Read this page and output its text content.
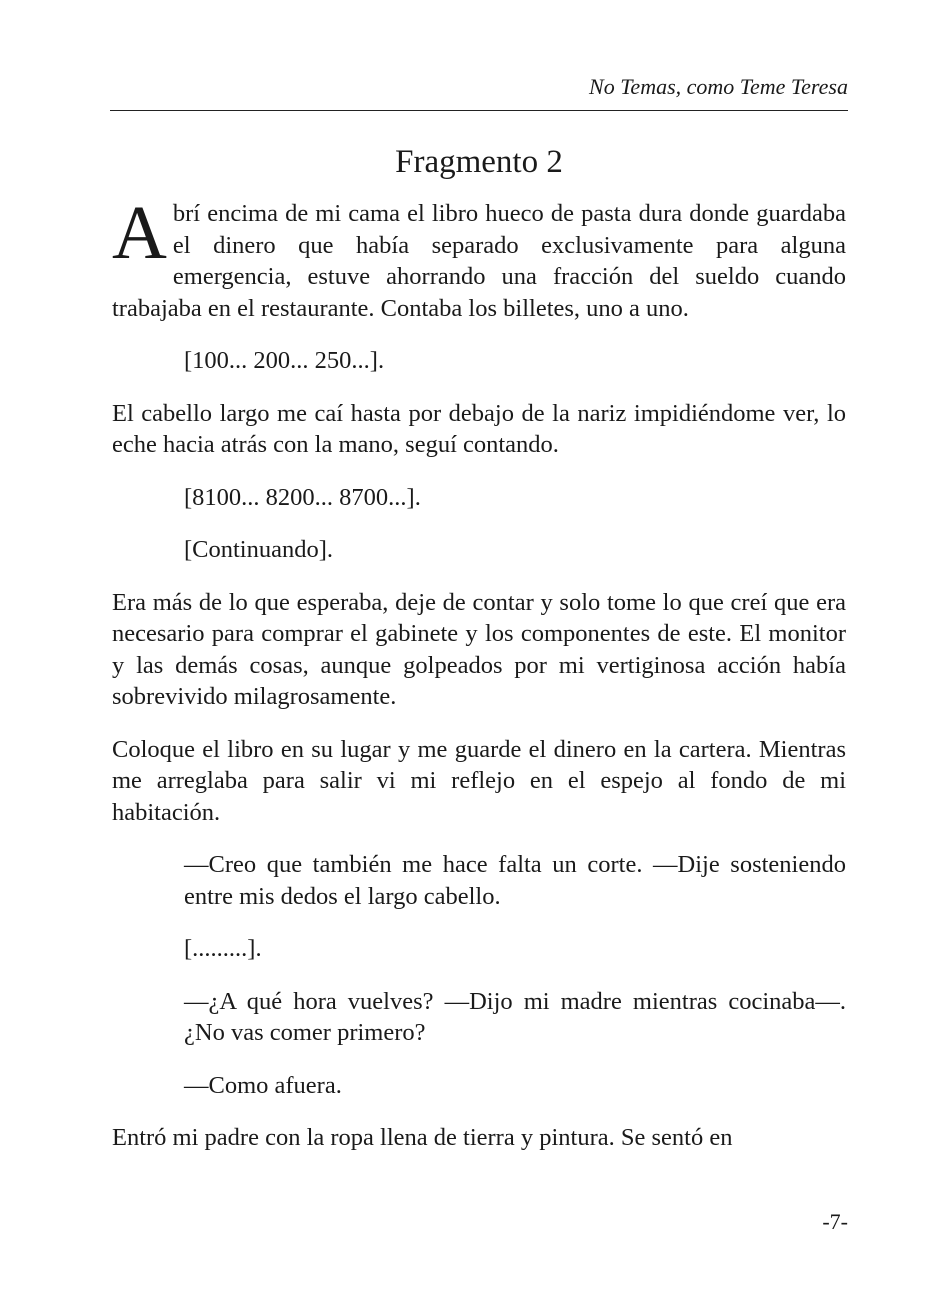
No Temas, como Teme Teresa
Fragmento 2

Abrí encima de mi cama el libro hueco de pasta dura donde guardaba el dinero que había separado exclusivamente para alguna emergencia, estuve ahorrando una fracción del sueldo cuando trabajaba en el restaurante. Contaba los billetes, uno a uno.

[100... 200... 250...].

El cabello largo me caí hasta por debajo de la nariz impidiéndome ver, lo eche hacia atrás con la mano, seguí contando.

[8100... 8200... 8700...].

[Continuando].

Era más de lo que esperaba, deje de contar y solo tome lo que creí que era necesario para comprar el gabinete y los componentes de este. El monitor y las demás cosas, aunque golpeados por mi vertiginosa acción había sobrevivido milagrosamente.

Coloque el libro en su lugar y me guarde el dinero en la cartera. Mientras me arreglaba para salir vi mi reflejo en el espejo al fondo de mi habitación.

—Creo que también me hace falta un corte. —Dije sosteniendo entre mis dedos el largo cabello.

[.........].

—¿A qué hora vuelves? —Dijo mi madre mientras cocinaba—. ¿No vas comer primero?

—Como afuera.

Entró mi padre con la ropa llena de tierra y pintura. Se sentó en

-7-
